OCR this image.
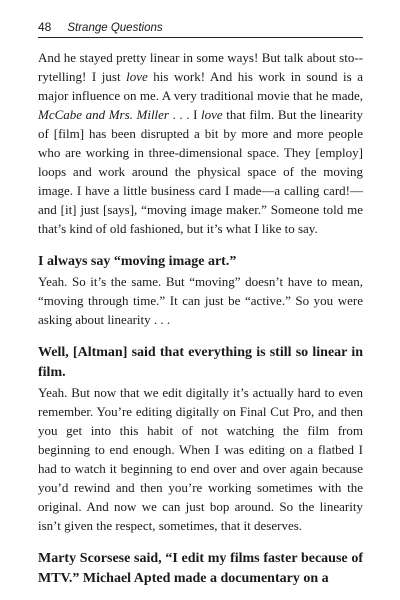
48 Strange Questions

And he stayed pretty linear in some ways! But talk about sto-rytelling! I just love his work! And his work in sound is a major influence on me. A very traditional movie that he made, McCabe and Mrs. Miller . . . I love that film. But the linearity of [film] has been disrupted a bit by more and more people who are working in three-dimensional space. They [employ] loops and work around the physical space of the moving image. I have a little business card I made—a calling card!—and [it] just [says], “moving image maker.” Someone told me that’s kind of old fashioned, but it’s what I like to say.

I always say “moving image art.”

Yeah. So it’s the same. But “moving” doesn’t have to mean, “moving through time.” It can just be “active.” So you were asking about linearity . . .

Well, [Altman] said that everything is still so linear in film.

Yeah. But now that we edit digitally it’s actually hard to even remember. You’re editing digitally on Final Cut Pro, and then you get into this habit of not watching the film from beginning to end enough. When I was editing on a flatbed I had to watch it beginning to end over and over again because you’d rewind and then you’re working sometimes with the original. And now we can just bop around. So the linearity isn’t given the respect, sometimes, that it deserves.

Marty Scorsese said, “I edit my films faster because of MTV.” Michael Apted made a documentary on a
